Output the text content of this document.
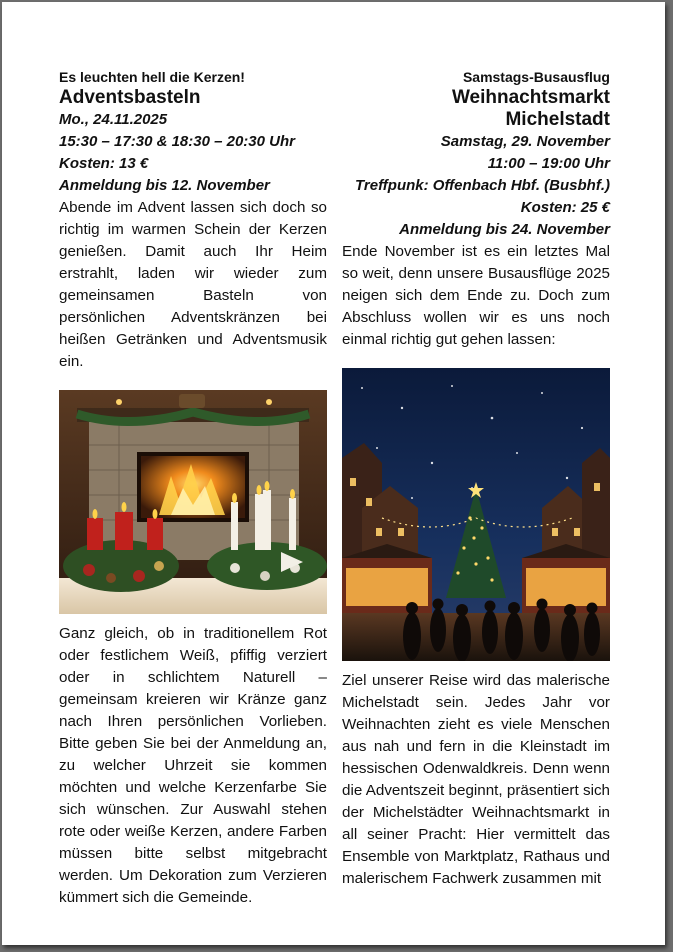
Es leuchten hell die Kerzen!
Adventsbasteln
Mo., 24.11.2025
15:30 – 17:30 & 18:30 – 20:30 Uhr
Kosten: 13 €
Anmeldung bis 12. November

Abende im Advent lassen sich doch so richtig im warmen Schein der Kerzen genießen. Damit auch Ihr Heim erstrahlt, laden wir wieder zum gemeinsamen Basteln von persönlichen Adventskränzen bei heißen Getränken und Adventsmusik ein.

Ganz gleich, ob in traditionellem Rot oder festlichem Weiß, pfiffig verziert oder in schlichtem Naturell – gemeinsam kreieren wir Kränze ganz nach Ihren persönlichen Vorlieben. Bitte geben Sie bei der Anmeldung an, zu welcher Uhrzeit sie kommen möchten und welche Kerzenfarbe Sie sich wünschen. Zur Auswahl stehen rote oder weiße Kerzen, andere Farben müssen bitte selbst mitgebracht werden. Um Dekoration zum Verzieren kümmert sich die Gemeinde.

Samstags-Busausflug
Weihnachtsmarkt
Michelstadt
Samstag, 29. November
11:00 – 19:00 Uhr
Treffpunk: Offenbach Hbf. (Busbhf.)
Kosten: 25 €
Anmeldung bis 24. November

Ende November ist es ein letztes Mal so weit, denn unsere Busausflüge 2025 neigen sich dem Ende zu. Doch zum Abschluss wollen wir es uns noch einmal richtig gut gehen lassen:

Ziel unserer Reise wird das malerische Michelstadt sein. Jedes Jahr vor Weihnachten zieht es viele Menschen aus nah und fern in die Kleinstadt im hessischen Odenwaldkreis. Denn wenn die Adventszeit beginnt, präsentiert sich der Michelstädter Weihnachtsmarkt in all seiner Pracht: Hier vermittelt das Ensemble von Marktplatz, Rathaus und malerischem Fachwerk zusammen mit
